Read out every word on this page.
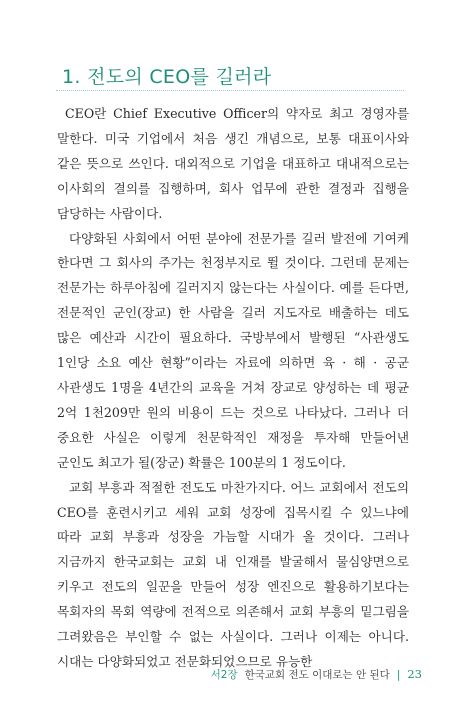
1. 전도의 CEO를 길러라

CEO란 Chief Executive Officer의 약자로 최고 경영자를 말한다. 미국 기업에서 처음 생긴 개념으로, 보통 대표이사와 같은 뜻으로 쓰인다. 대외적으로 기업을 대표하고 대내적으로는 이사회의 결의를 집행하며, 회사 업무에 관한 결정과 집행을 담당하는 사람이다.

다양화된 사회에서 어떤 분야에 전문가를 길러 발전에 기여케 한다면 그 회사의 주가는 천정부지로 뛸 것이다. 그런데 문제는 전문가는 하루아침에 길러지지 않는다는 사실이다. 예를 든다면, 전문적인 군인(장교) 한 사람을 길러 지도자로 배출하는 데도 많은 예산과 시간이 필요하다. 국방부에서 발행된 “사관생도 1인당 소요 예산 현황”이라는 자료에 의하면 육 · 해 · 공군 사관생도 1명을 4년간의 교육을 거쳐 장교로 양성하는 데 평균 2억 1천209만 원의 비용이 드는 것으로 나타났다. 그러나 더 중요한 사실은 이렇게 천문학적인 재정을 투자해 만들어낸 군인도 최고가 될(장군) 확률은 100분의 1 정도이다.

교회 부흥과 적절한 전도도 마찬가지다. 어느 교회에서 전도의 CEO를 훈련시키고 세워 교회 성장에 집목시킬 수 있느냐에 따라 교회 부흥과 성장을 가늠할 시대가 올 것이다. 그러나 지금까지 한국교회는 교회 내 인재를 발굴해서 물심양면으로 키우고 전도의 일꾼을 만들어 성장 엔진으로 활용하기보다는 목회자의 목회 역량에 전적으로 의존해서 교회 부흥의 밑그림을 그려왔음은 부인할 수 없는 사실이다. 그러나 이제는 아니다. 시대는 다양화되었고 전문화되었으므로 유능한

서2장 한국교회 전도 이대로는 안 된다 | 23
